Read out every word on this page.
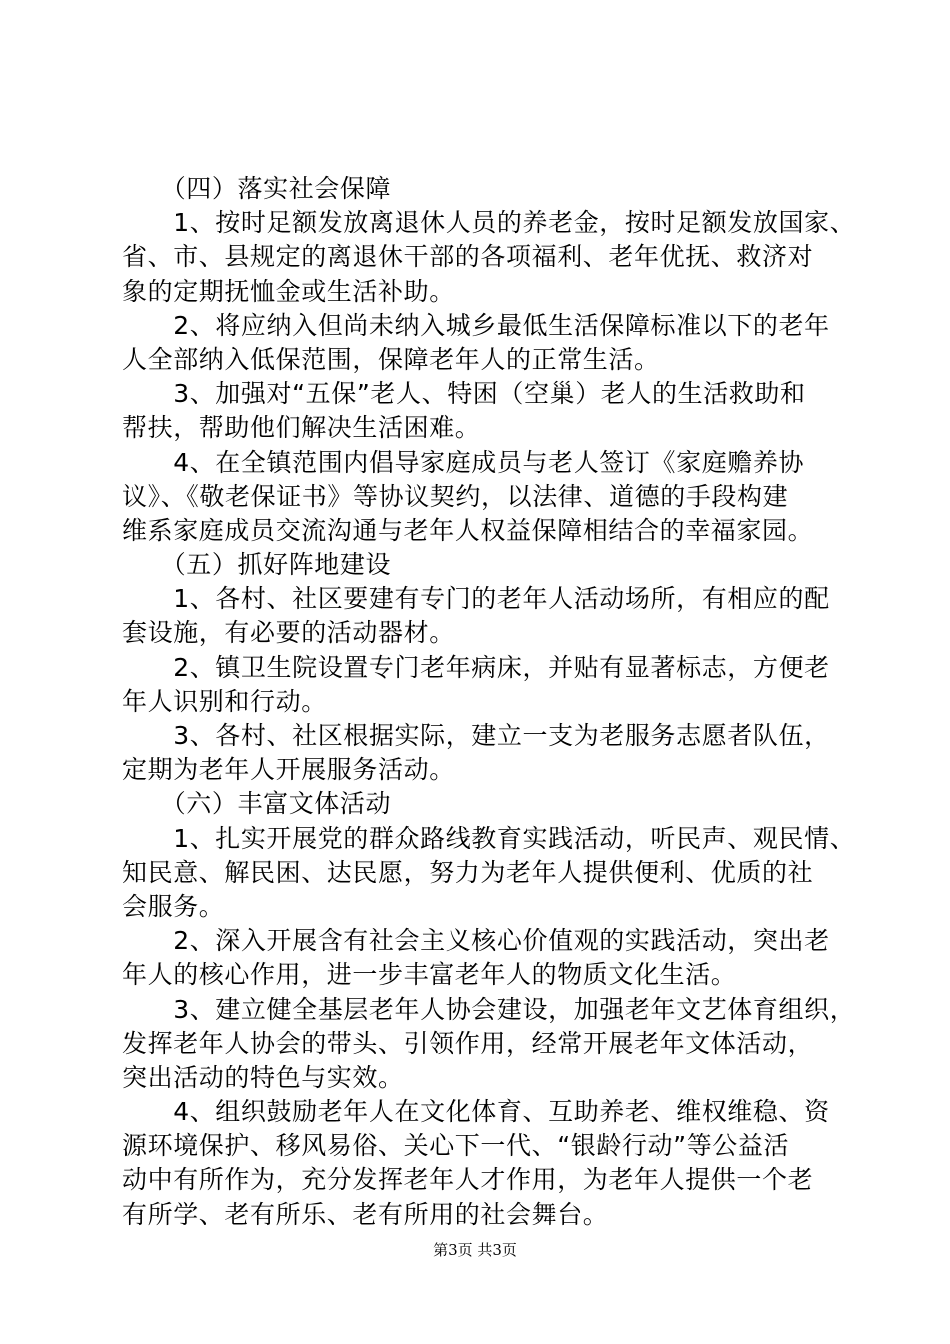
　　（四）落实社会保障
　　1、按时足额发放离退休人员的养老金，按时足额发放国家、
省、市、县规定的离退休干部的各项福利、老年优抚、救济对
象的定期抚恤金或生活补助。
　　2、将应纳入但尚未纳入城乡最低生活保障标准以下的老年
人全部纳入低保范围，保障老年人的正常生活。
　　3、加强对“五保”老人、特困（空巢）老人的生活救助和
帮扶，帮助他们解决生活困难。
　　4、在全镇范围内倡导家庭成员与老人签订《家庭赡养协
议》、《敬老保证书》等协议契约，以法律、道德的手段构建
维系家庭成员交流沟通与老年人权益保障相结合的幸福家园。
　　（五）抓好阵地建设
　　1、各村、社区要建有专门的老年人活动场所，有相应的配
套设施，有必要的活动器材。
　　2、镇卫生院设置专门老年病床，并贴有显著标志，方便老
年人识别和行动。
　　3、各村、社区根据实际，建立一支为老服务志愿者队伍，
定期为老年人开展服务活动。
　　（六）丰富文体活动
　　1、扎实开展党的群众路线教育实践活动，听民声、观民情、
知民意、解民困、达民愿，努力为老年人提供便利、优质的社
会服务。
　　2、深入开展含有社会主义核心价值观的实践活动，突出老
年人的核心作用，进一步丰富老年人的物质文化生活。
　　3、建立健全基层老年人协会建设，加强老年文艺体育组织，
发挥老年人协会的带头、引领作用，经常开展老年文体活动，
突出活动的特色与实效。
　　4、组织鼓励老年人在文化体育、互助养老、维权维稳、资
源环境保护、移风易俗、关心下一代、“银龄行动”等公益活
动中有所作为，充分发挥老年人才作用，为老年人提供一个老
有所学、老有所乐、老有所用的社会舞台。
第3页 共3页
